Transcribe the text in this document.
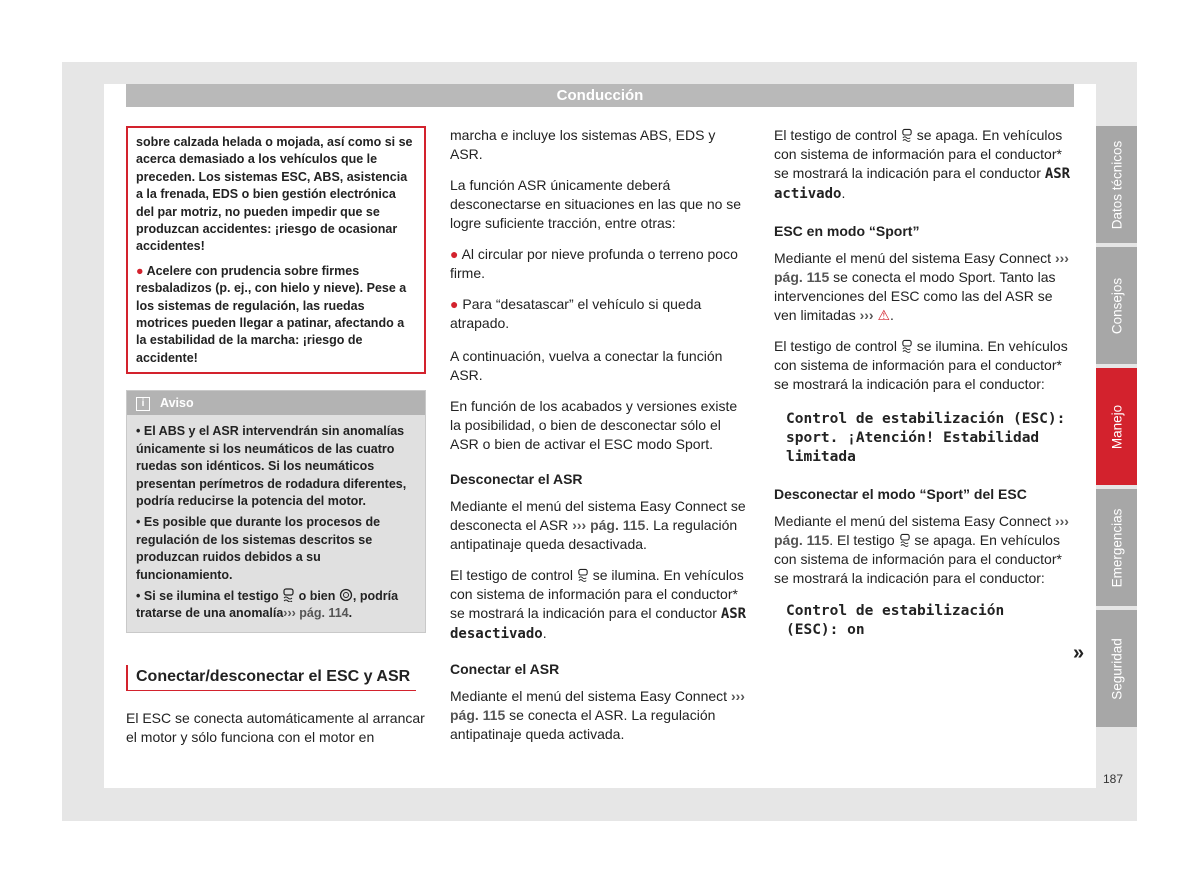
Conducción

sobre calzada helada o mojada, así como si se acerca demasiado a los vehículos que le preceden. Los sistemas ESC, ABS, asistencia a la frenada, EDS o bien gestión electrónica del par motriz, no pueden impedir que se produzcan accidentes: ¡riesgo de ocasionar accidentes!

● Acelere con prudencia sobre firmes resbaladizos (p. ej., con hielo y nieve). Pese a los sistemas de regulación, las ruedas motrices pueden llegar a patinar, afectando a la estabilidad de la marcha: ¡riesgo de accidente!

i Aviso

• El ABS y el ASR intervendrán sin anomalías únicamente si los neumáticos de las cuatro ruedas son idénticos. Si los neumáticos presentan perímetros de rodadura diferentes, podría reducirse la potencia del motor.

• Es posible que durante los procesos de regulación de los sistemas descritos se produzcan ruidos debidos a su funcionamiento.

• Si se ilumina el testigo o bien , podría tratarse de una anomalía››› pág. 114.

Conectar/desconectar el ESC y ASR

El ESC se conecta automáticamente al arrancar el motor y sólo funciona con el motor en

marcha e incluye los sistemas ABS, EDS y ASR.

La función ASR únicamente deberá desconectarse en situaciones en las que no se logre suficiente tracción, entre otras:

● Al circular por nieve profunda o terreno poco firme.

● Para “desatascar” el vehículo si queda atrapado.

A continuación, vuelva a conectar la función ASR.

En función de los acabados y versiones existe la posibilidad, o bien de desconectar sólo el ASR o bien de activar el ESC modo Sport.

Desconectar el ASR

Mediante el menú del sistema Easy Connect se desconecta el ASR ››› pág. 115. La regulación antipatinaje queda desactivada.

El testigo de control se ilumina. En vehículos con sistema de información para el conductor* se mostrará la indicación para el conductor ASR desactivado.

Conectar el ASR

Mediante el menú del sistema Easy Connect ››› pág. 115 se conecta el ASR. La regulación antipatinaje queda activada.

El testigo de control se apaga. En vehículos con sistema de información para el conductor* se mostrará la indicación para el conductor ASR activado.

ESC en modo “Sport”

Mediante el menú del sistema Easy Connect ››› pág. 115 se conecta el modo Sport. Tanto las intervenciones del ESC como las del ASR se ven limitadas ››› ⚠.

El testigo de control se ilumina. En vehículos con sistema de información para el conductor* se mostrará la indicación para el conductor:

Control de estabilización (ESC): sport. ¡Atención! Estabilidad limitada

Desconectar el modo “Sport” del ESC

Mediante el menú del sistema Easy Connect ››› pág. 115. El testigo se apaga. En vehículos con sistema de información para el conductor* se mostrará la indicación para el conductor:

Control de estabilización (ESC): on

»
Datos técnicos
Consejos
Manejo
Emergencias
Seguridad
187
